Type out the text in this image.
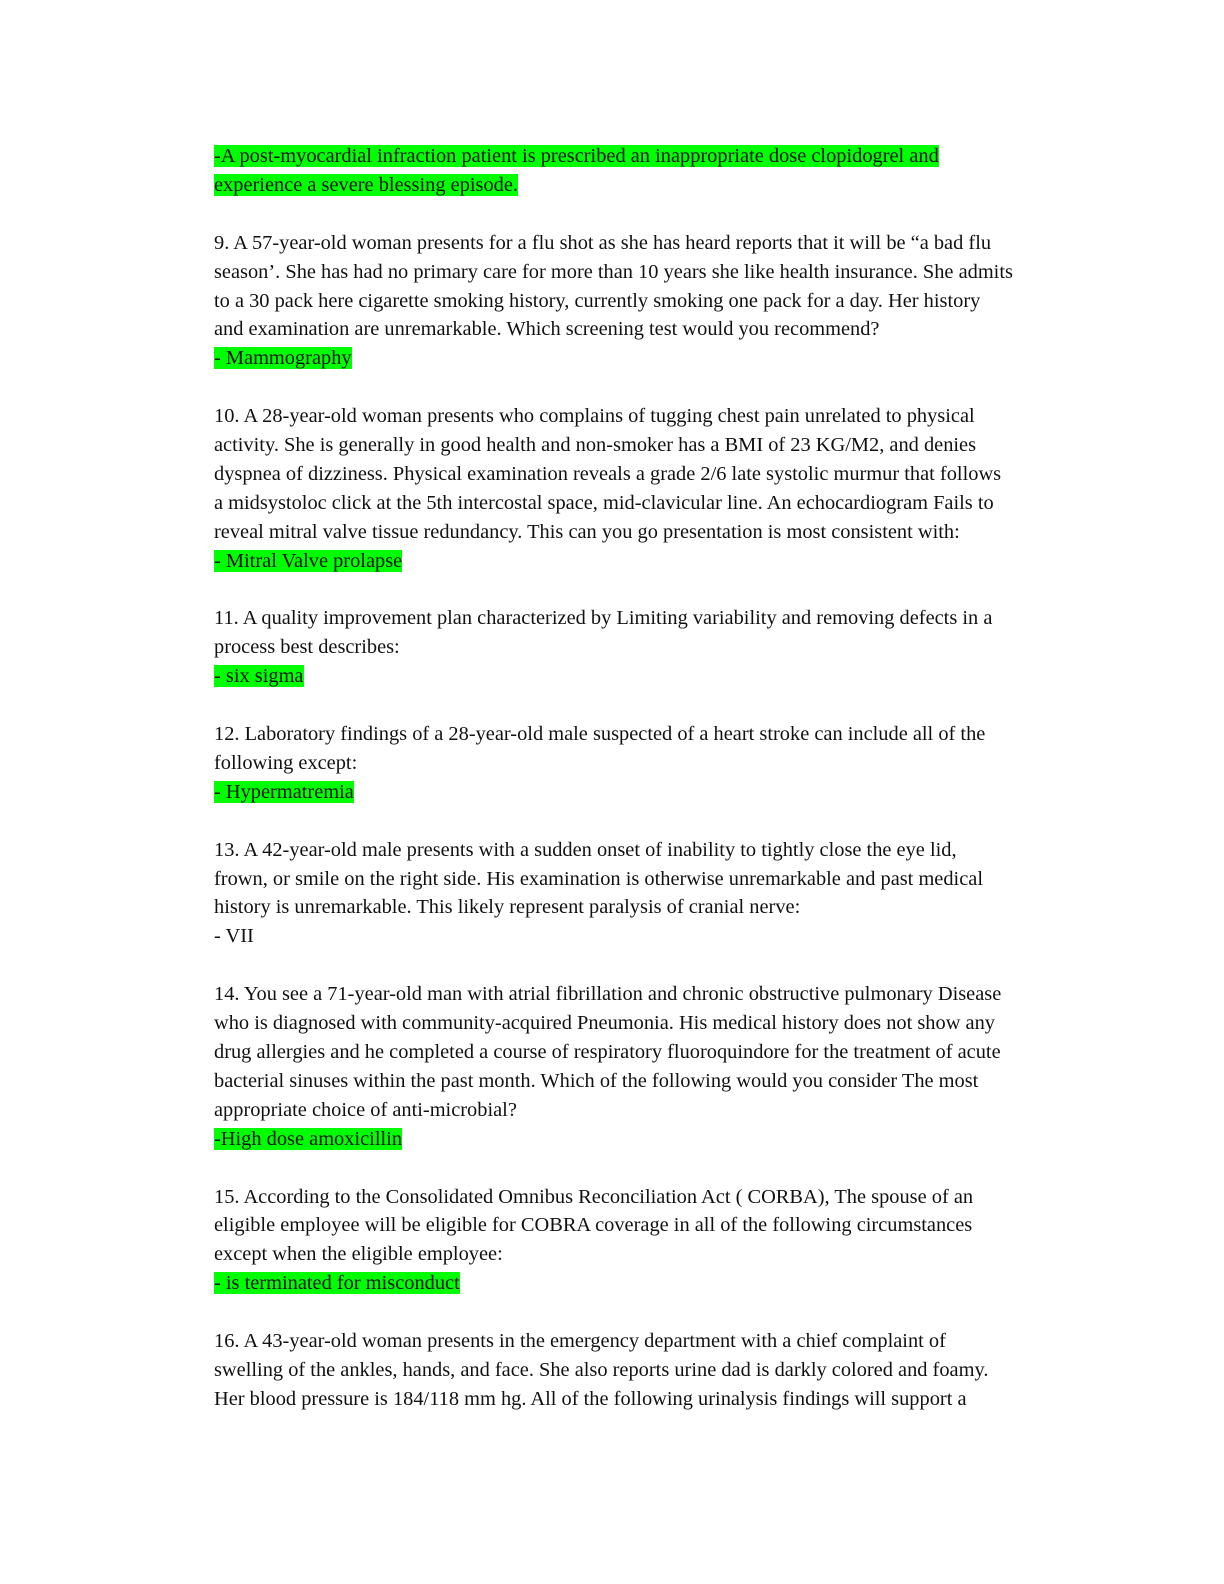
-A post-myocardial infraction patient is prescribed an inappropriate dose clopidogrel and
experience a severe blessing episode.
9. A 57-year-old woman presents for a flu shot as she has heard reports that it will be “a bad flu
season’. She has had no primary care for more than 10 years she like health insurance. She admits
to a 30 pack here cigarette smoking history, currently smoking one pack for a day. Her history
and examination are unremarkable. Which screening test would you recommend?
- Mammography
10. A 28-year-old woman presents who complains of tugging chest pain unrelated to physical
activity. She is generally in good health and non-smoker has a BMI of 23 KG/M2, and denies
dyspnea of dizziness. Physical examination reveals a grade 2/6 late systolic murmur that follows
a midsystoloc click at the 5th intercostal space, mid-clavicular line. An echocardiogram Fails to
reveal mitral valve tissue redundancy. This can you go presentation is most consistent with:
- Mitral Valve prolapse
11. A quality improvement plan characterized by Limiting variability and removing defects in a
process best describes:
- six sigma
12. Laboratory findings of a 28-year-old male suspected of a heart stroke can include all of the
following except:
- Hypermatremia
13. A 42-year-old male presents with a sudden onset of inability to tightly close the eye lid,
frown, or smile on the right side. His examination is otherwise unremarkable and past medical
history is unremarkable. This likely represent paralysis of cranial nerve:
- VII
14. You see a 71-year-old man with atrial fibrillation and chronic obstructive pulmonary Disease
who is diagnosed with community-acquired Pneumonia. His medical history does not show any
drug allergies and he completed a course of respiratory fluoroquindore for the treatment of acute
bacterial sinuses within the past month. Which of the following would you consider The most
appropriate choice of anti-microbial?
-High dose amoxicillin
15. According to the Consolidated Omnibus Reconciliation Act ( CORBA), The spouse of an
eligible employee will be eligible for COBRA coverage in all of the following circumstances
except when the eligible employee:
- is terminated for misconduct
16. A 43-year-old woman presents in the emergency department with a chief complaint of
swelling of the ankles, hands, and face. She also reports urine dad is darkly colored and foamy.
Her blood pressure is 184/118 mm hg. All of the following urinalysis findings will support a
